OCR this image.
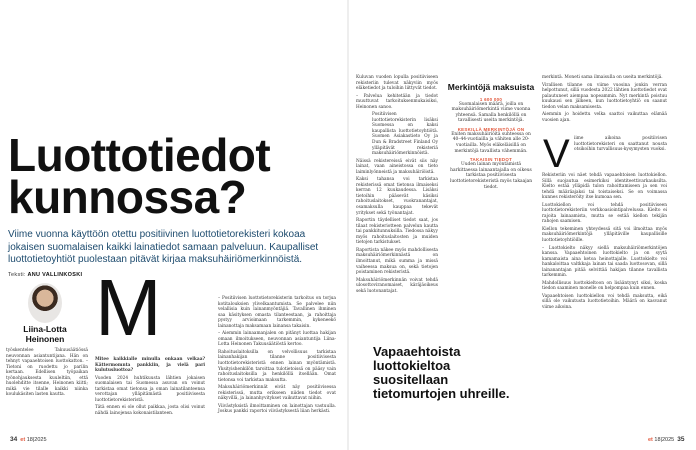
Luottotiedot kunnossa?
Viime vuonna käyttöön otettu positiivinen luottotietorekisteri kokoaa jokaisen suomalaisen kaikki lainatiedot samaan palveluun. Kaupalliset luottotietoyhtiöt puolestaan pitävät kirjaa maksuhäiriömerkinnöistä.
Teksti: ANU VALLINKOSKI
Liina-Lotta Heinonen
työskentelee Takuusäätiössä neuvonnan asiantuntijana. Hän on tehnyt vapaaehtoisen luottokatton. – Tietoni on ruodettu jo parilin kertaan. Edellisen työpaikan työnohjauksesta kuuleltiin, että huolehditte itsenne, Heinonen kiitti; mikä vie tilalle kaikki niinka koulukäsiten lasten kautta.
M

Mitee kaikkialle minulla onkaan velkaa? Kättermomnta pankkiin, ja vielä pari kulutusluottoa?

Vuoden 2024 huhtikuusta lähtien jokaisen suomalaisen tai Suomessa asuvan on voinut tarkistaa omat tietonsa ja oman lainatilanteensa verottajan ylläpitämästä positiivisesta luottotietorekisteristä.

Tätä ennen ei ole ollut paikkaa, josta olisi voinut nähdä lainojensa kokonaistilanteen.

– Positiivisen luottotietorekisterin tarkoitus on torjua kotitalouksien ylivelkaantumista. Se palvelee niin velallisia kuin lainanmyöntäjiä. Tavallinen ihminen saa käsityksen omasta tilanteestaan, ja rahoittaja pystyy arvioimaan tarkemmin, kykeneekö lainanottaja maksamaan lainansa takaisin.

– Aiemmin lainaamanjalen on pitänyt luottaa hakijan omaan ilmoitukseen, neuvonnan asiantuntija Liina-Lotta Heinonen Takuusäätiöstä kertoo.

Rahoituslaitoksilla on velvollisuus tarkistaa lainanhakijan tilanne positiivisesta luottotietorekisteristä ennen lainan myöntämistä. Yksityishenkilön taroittaa tulotietoissä on pääsy vain rahoituslaitoksilla ja henkilöllä itsellään. Omat tietonsa voi tarkistaa maksutta.

Maksuhäiriömerkinnät eivät näy positiivisessa rekisterissä, mutta erikseen niiden tiedot ovat näkyvillä, ja lainanhyvitykset vaikuttavat niihin.

Viivästyksistä ilmoittaminen on lainottajan vastuulla. Joskus pankki raportoi viivästyksestä liian herkästi.

34 et 18|2025

Kuluvan vuoden lopulla positiiviseen rekisteriin tulevat näkyviin myös eläketiedot ja tuloihin liittyvät tiedot.

– Palvelua kehitetään ja tiedot muuttuvat tarkoituksenmukaisiksi, Heinonen sanoo.

Positiivisen luottotietorekisterin lisäksi Suomessa on kaksi kaupallista luottotietoyhtiötä. Suomen Asiakastieto Oy ja Dun & Bradstreet Finland Oy ylläpitävät rekisteriä maksuhäiriömerkinnöistä.

Näissä rekistereissä eivät siis näy lainat, vaan aineistossa on tieto laiminlyönneistä ja maksuhäiriöistä.

Kaksi tahansa voi tarkistaa rekisterissä omat tietonsa ilmaiseksi kerran 12 kuukaudessa. Lisäksi tietoihin pääsevät käsiksi rahoituslaitokset, vuokranantajat, osamaksulla kauppaa tekevät yritykset sekä työnantajat.

Raportin täydelliset tiedot saat, jos tilaat rekisteriotteen palvelun kautta tai pankkitunnuksilla. Tiedossa näkyy myös rahoituslaitosten ja muiden tietojen tarkistukset.

Raportista näkee myös mahdollisesta maksuhäiriömerkinnästä on ilmoittanut, mikä summa ja missä vaiheessa maksua on, sekä tietojen poistaminen rekisteristä.

Maksuhäiriömerkinnän voivat tehdä ulosottoviranomaiset, käräjäoikeus sekä luotonantajat.

Merkintöjä maksuista
1 600 000
Suomalaisen määrä, joilla on maksuhäiriömerkintä viime vuonna yhteensä. Samalla henkilöllä on tavallisesti useita merkintöjä.
KESKILLÄ MERKINTÖJÄ ON
Eniten maksuhäiriöitä suhteessa on 40–44-vuotiailla ja vähiten alle 20-vuotiailla. Myös eläkeläisillä on merkintöjä tavallista vähemmän.
TAKAISIN TIEDOT
Uuden lainan myöntämistä harkittaessa lainaantajalla on oikeus tarkistaa positiivisesta luottotietorekisteristä myös takaajan tiedot.

merkintä. Moneti sama ilmaisulla on useita merkintöjä.

Virallisen tilanne on viime vuosina jonkin verran helpottunut, sillä vuodesta 2022 lähtien luottotiedot ovat palautuneet aiempaa nopeammin. Nyt merkintä poistuu kuukausi sen jälkeen, kun luottotietoyhtiö on saanut tiedon velan maksamisesta.

Aiemmin jo hoidettu velka saattoi vaikuttaa elämää vuosien ajan.

V iime aikoina positiivisen luottotietorekisteri on saattanut nousta otsikoihin turvallisuus-kysymysten vuoksi.

Rekisteriin voi näet tehdä vapaaehtoisen luottokiellon. Sillä suojautua esimerkiksi identiteettivarkauksilta. Kielto estää ylläpidä tulon rahoittamiseen ja sen voi tehdä määräajaksi tai toistaiseksi. Se on voimassa kunnes rekisteröity itse kumoaa sen.

Luottokiellon voi tehdä positiiviseen luottotietorekisteriin verkkoasiointipalvelussa. Kielto ei rajoita lainaamista, mutta se estää kiellon tekijän rahojen saamisen.

Kiellon tekeminen yhteydessä sitä voi ilmoittaa myös maksuhäiriömerkintöjä ylläpitäville kaupallisille luottotietoyhtiöille.

– Luottokielto näkyy siellä maksuhäiriömerkintöjen kanssa. Vapaaehtoinen luottokielto ja on syytä kamamaista aina ketoa heinottajalle. Luottokielto voi hankaloittaa valtkkaja lainan tai saada luottosovan, sillä lainanantajan pitää selvittää hakijan tilanne tavallista tarkemmin.

Mahdollisuus luottokieltoon on lisääntynyt siksi, koska tiedon saaminen monelle on helpompaa kuin ennen.

Vapaaehtoisen luottokiellon voi tehdä maksutta, eikä sillä ole vaikutusta luottotietoihin. Määrä on kasvanut viime aikoina.

Vapaaehtoista luottokieltoa suositellaan tietomurtojen uhreille.
et 18|2025 35
